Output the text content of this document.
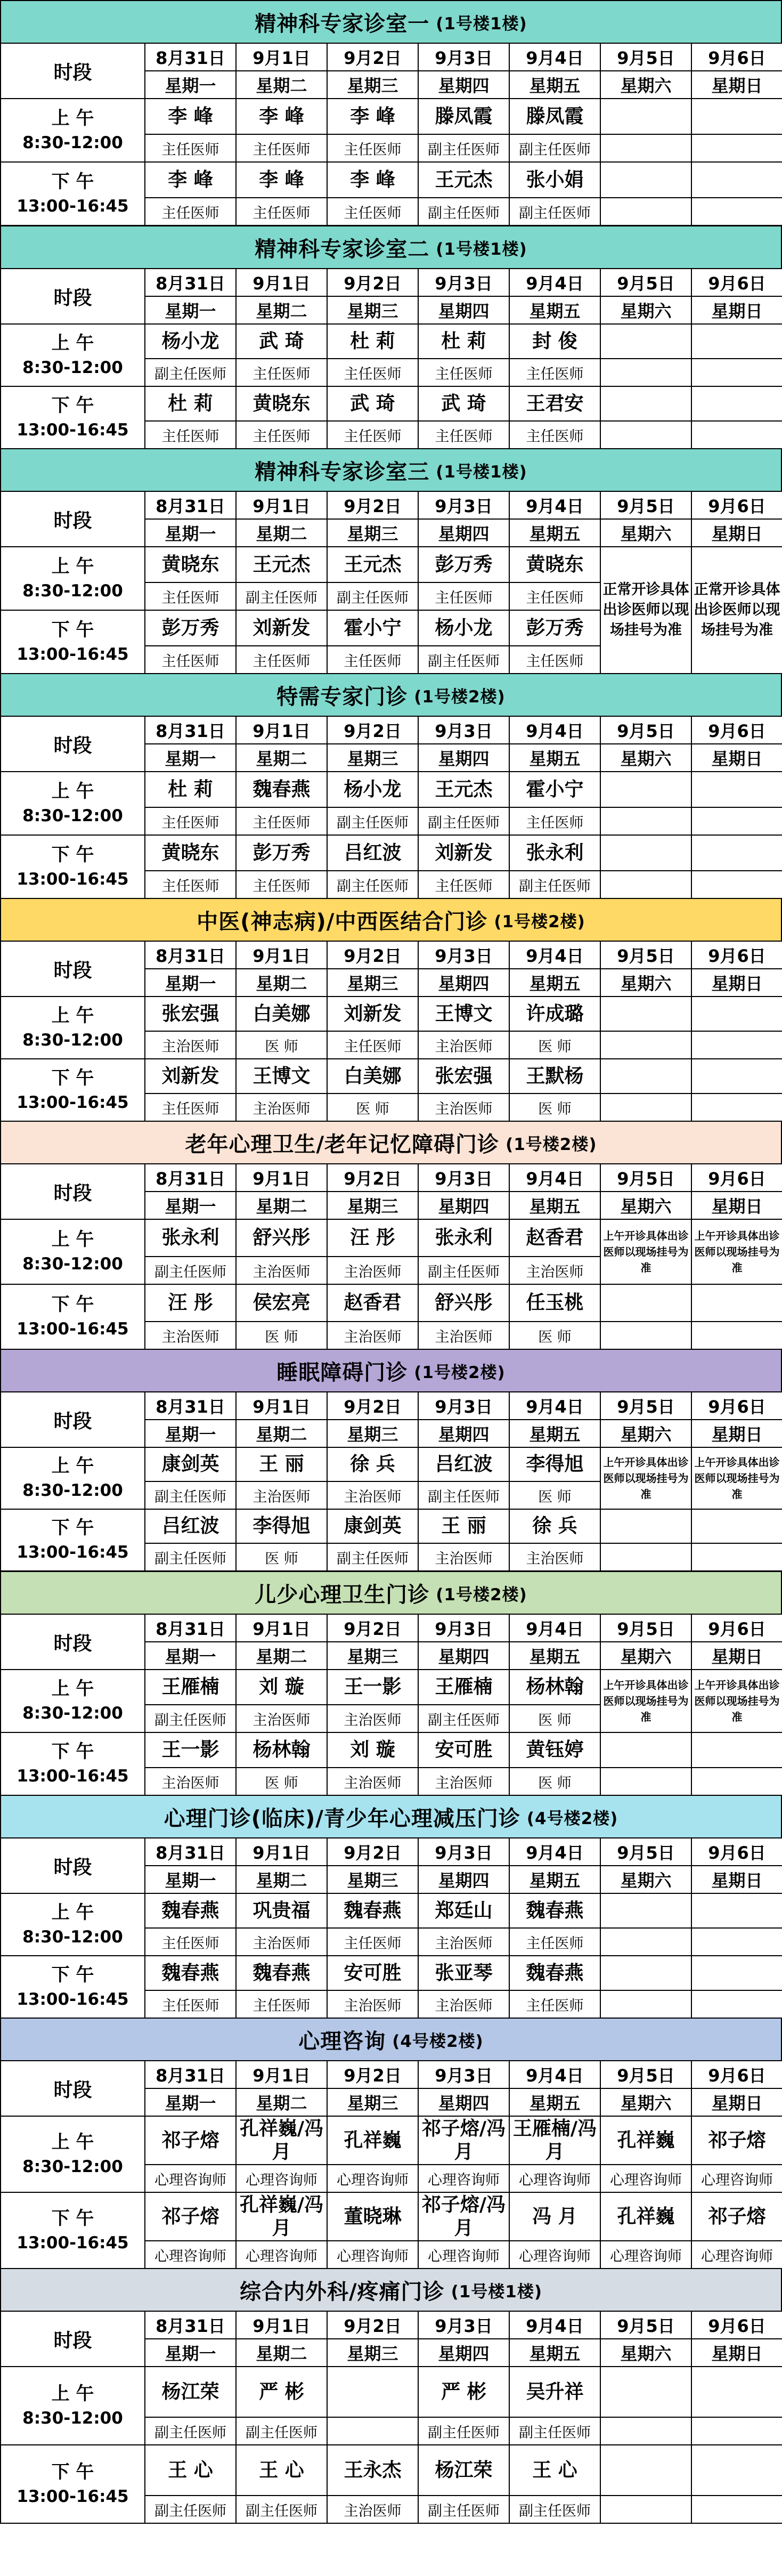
精神科专家诊室一 (1号楼1楼)
时段	8月31日	9月1日	9月2日	9月3日	9月4日	9月5日	9月6日
	星期一	星期二	星期三	星期四	星期五	星期六	星期日
上 午
8:30-12:00	李 峰	李 峰	李 峰	滕凤霞	滕凤霞		
	主任医师	主任医师	主任医师	副主任医师	副主任医师		
下 午
13:00-16:45	李 峰	李 峰	李 峰	王元杰	张小娟		
	主任医师	主任医师	主任医师	副主任医师	副主任医师		
精神科专家诊室二 (1号楼1楼)
时段	8月31日	9月1日	9月2日	9月3日	9月4日	9月5日	9月6日
	星期一	星期二	星期三	星期四	星期五	星期六	星期日
上 午
8:30-12:00	杨小龙	武 琦	杜 莉	杜 莉	封 俊		
	副主任医师	主任医师	主任医师	主任医师	主任医师		
下 午
13:00-16:45	杜 莉	黄晓东	武 琦	武 琦	王君安		
	主任医师	主任医师	主任医师	主任医师	主任医师		
精神科专家诊室三 (1号楼1楼)
时段	8月31日	9月1日	9月2日	9月3日	9月4日	9月5日	9月6日
	星期一	星期二	星期三	星期四	星期五	星期六	星期日
上 午
8:30-12:00	黄晓东	王元杰	王元杰	彭万秀	黄晓东	正常开诊具体出诊医师以现场挂号为准	正常开诊具体出诊医师以现场挂号为准
	主任医师	副主任医师	副主任医师	主任医师	主任医师		
下 午
13:00-16:45	彭万秀	刘新发	霍小宁	杨小龙	彭万秀		
	主任医师	主任医师	主任医师	副主任医师	主任医师		
特需专家门诊 (1号楼2楼)
时段	8月31日	9月1日	9月2日	9月3日	9月4日	9月5日	9月6日
	星期一	星期二	星期三	星期四	星期五	星期六	星期日
上 午
8:30-12:00	杜 莉	魏春燕	杨小龙	王元杰	霍小宁		
	主任医师	主任医师	副主任医师	副主任医师	主任医师		
下 午
13:00-16:45	黄晓东	彭万秀	吕红波	刘新发	张永利		
	主任医师	主任医师	副主任医师	主任医师	副主任医师		
中医(神志病)/中西医结合门诊 (1号楼2楼)
时段	8月31日	9月1日	9月2日	9月3日	9月4日	9月5日	9月6日
	星期一	星期二	星期三	星期四	星期五	星期六	星期日
上 午
8:30-12:00	张宏强	白美娜	刘新发	王博文	许成璐		
	主治医师	医 师	主任医师	主治医师	医 师		
下 午
13:00-16:45	刘新发	王博文	白美娜	张宏强	王默杨		
	主任医师	主治医师	医 师	主治医师	医 师		
老年心理卫生/老年记忆障碍门诊 (1号楼2楼)
时段	8月31日	9月1日	9月2日	9月3日	9月4日	9月5日	9月6日
	星期一	星期二	星期三	星期四	星期五	星期六	星期日
上 午
8:30-12:00	张永利	舒兴彤	汪 彤	张永利	赵香君	上午开诊具体出诊医师以现场挂号为准	上午开诊具体出诊医师以现场挂号为准
	副主任医师	主治医师	主治医师	副主任医师	主治医师		
下 午
13:00-16:45	汪 彤	侯宏亮	赵香君	舒兴彤	任玉桃		
	主治医师	医 师	主治医师	主治医师	医 师		
睡眠障碍门诊 (1号楼2楼)
时段	8月31日	9月1日	9月2日	9月3日	9月4日	9月5日	9月6日
	星期一	星期二	星期三	星期四	星期五	星期六	星期日
上 午
8:30-12:00	康剑英	王 丽	徐 兵	吕红波	李得旭	上午开诊具体出诊医师以现场挂号为准	上午开诊具体出诊医师以现场挂号为准
	副主任医师	主治医师	主治医师	副主任医师	医 师		
下 午
13:00-16:45	吕红波	李得旭	康剑英	王 丽	徐 兵		
	副主任医师	医 师	副主任医师	主治医师	主治医师		
儿少心理卫生门诊 (1号楼2楼)
时段	8月31日	9月1日	9月2日	9月3日	9月4日	9月5日	9月6日
	星期一	星期二	星期三	星期四	星期五	星期六	星期日
上 午
8:30-12:00	王雁楠	刘 璇	王一影	王雁楠	杨林翰	上午开诊具体出诊医师以现场挂号为准	上午开诊具体出诊医师以现场挂号为准
	副主任医师	主治医师	主治医师	副主任医师	医 师		
下 午
13:00-16:45	王一影	杨林翰	刘 璇	安可胜	黄钰婷		
	主治医师	医 师	主治医师	主治医师	医 师		
心理门诊(临床)/青少年心理减压门诊 (4号楼2楼)
时段	8月31日	9月1日	9月2日	9月3日	9月4日	9月5日	9月6日
	星期一	星期二	星期三	星期四	星期五	星期六	星期日
上 午
8:30-12:00	魏春燕	巩贵福	魏春燕	郑廷山	魏春燕		
	主任医师	主治医师	主任医师	主治医师	主任医师		
下 午
13:00-16:45	魏春燕	魏春燕	安可胜	张亚琴	魏春燕		
	主任医师	主任医师	主治医师	主治医师	主任医师		
心理咨询 (4号楼2楼)
时段	8月31日	9月1日	9月2日	9月3日	9月4日	9月5日	9月6日
	星期一	星期二	星期三	星期四	星期五	星期六	星期日
上 午
8:30-12:00	祁子熔	孔祥巍/冯 月	孔祥巍	祁子熔/冯 月	王雁楠/冯 月	孔祥巍	祁子熔
	心理咨询师	心理咨询师	心理咨询师	心理咨询师	心理咨询师	心理咨询师	心理咨询师
下 午
13:00-16:45	祁子熔	孔祥巍/冯 月	董晓琳	祁子熔/冯 月	冯 月	孔祥巍	祁子熔
	心理咨询师	心理咨询师	心理咨询师	心理咨询师	心理咨询师	心理咨询师	心理咨询师
综合内外科/疼痛门诊 (1号楼1楼)
时段	8月31日	9月1日	9月2日	9月3日	9月4日	9月5日	9月6日
	星期一	星期二	星期三	星期四	星期五	星期六	星期日
上 午
8:30-12:00	杨江荣	严 彬		严 彬	吴升祥		
	副主任医师	副主任医师		副主任医师	副主任医师		
下 午
13:00-16:45	王 心	王 心	王永杰	杨江荣	王 心		
	副主任医师	副主任医师	主治医师	副主任医师	副主任医师		
